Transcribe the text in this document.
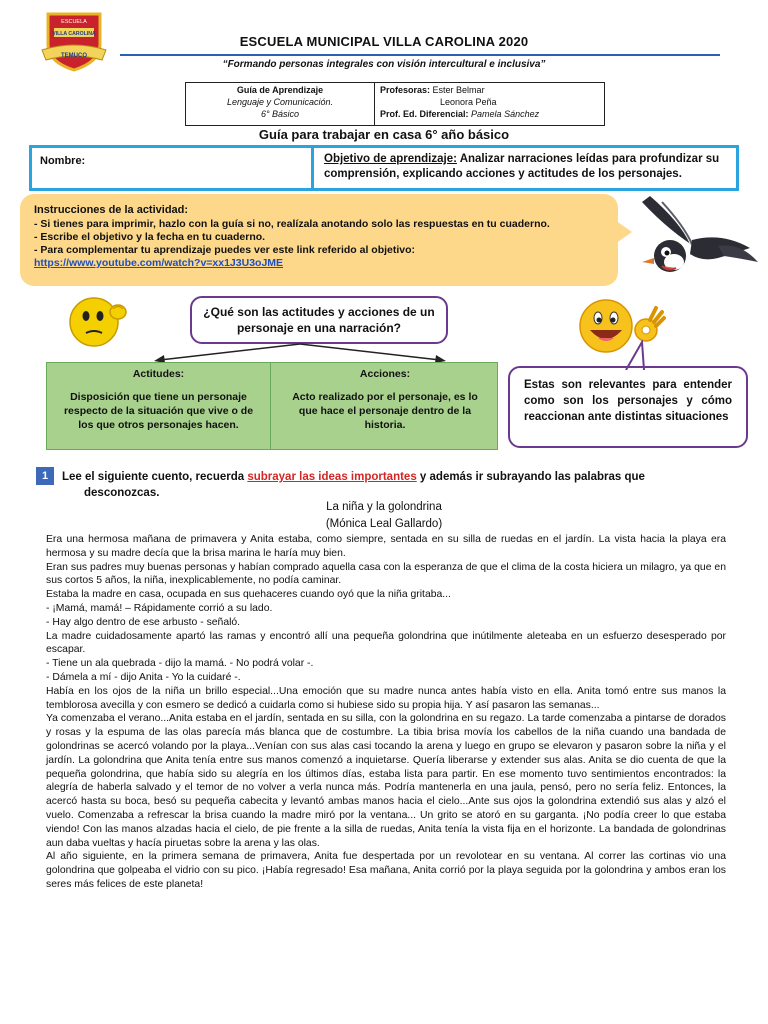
ESCUELA
VILLA CAROLINA
TEMUCO
ESCUELA MUNICIPAL VILLA CAROLINA 2020
“Formando personas integrales con visión intercultural e inclusiva”
Guía de Aprendizaje
Lenguaje y Comunicación.
6° Básico
Profesoras: Ester Belmar
Leonora Peña
Prof. Ed. Diferencial: Pamela Sánchez
Guía para trabajar en casa 6° año básico
Nombre:	Objetivo de aprendizaje: Analizar narraciones leídas para profundizar su comprensión, explicando acciones y actitudes de los personajes.
Instrucciones de la actividad:
- Si tienes para imprimir, hazlo con la guía si no, realízala anotando solo las respuestas en tu cuaderno.
- Escribe el objetivo y la fecha en tu cuaderno.
- Para complementar tu aprendizaje puedes ver este link referido al objetivo:
https://www.youtube.com/watch?v=xx1J3U3oJME
¿Qué son las actitudes y acciones de un personaje en una narración?
Actitudes:
Disposición que tiene un personaje respecto de la situación que vive o de los que otros personajes hacen.
Acciones:
Acto realizado por el personaje, es lo que hace el personaje dentro de la historia.
Estas son relevantes para entender como son los personajes y cómo reaccionan ante distintas situaciones
1	Lee el siguiente cuento, recuerda subrayar las ideas importantes y además ir subrayando las palabras que
desconozcas.
La niña y la golondrina
(Mónica Leal Gallardo)

Era una hermosa mañana de primavera y Anita estaba, como siempre, sentada en su silla de ruedas en el jardín. La vista hacia la playa era hermosa y su madre decía que la brisa marina le haría muy bien.

Eran sus padres muy buenas personas y habían comprado aquella casa con la esperanza de que el clima de la costa hiciera un milagro, ya que en sus cortos 5 años, la niña, inexplicablemente, no podía caminar.

Estaba la madre en casa, ocupada en sus quehaceres cuando oyó que la niña gritaba...

- ¡Mamá, mamá! – Rápidamente corrió a su lado.

- Hay algo dentro de ese arbusto - señaló.

La madre cuidadosamente apartó las ramas y encontró allí una pequeña golondrina que inútilmente aleteaba en un esfuerzo desesperado por escapar.

- Tiene un ala quebrada - dijo la mamá. - No podrá volar -.

- Dámela a mí - dijo Anita - Yo la cuidaré -.

Había en los ojos de la niña un brillo especial...Una emoción que su madre nunca antes había visto en ella. Anita tomó entre sus manos la temblorosa avecilla y con esmero se dedicó a cuidarla como si hubiese sido su propia hija. Y así pasaron las semanas...

Ya comenzaba el verano...Anita estaba en el jardín, sentada en su silla, con la golondrina en su regazo. La tarde comenzaba a pintarse de dorados y rosas y la espuma de las olas parecía más blanca que de costumbre. La tibia brisa movía los cabellos de la niña cuando una bandada de golondrinas se acercó volando por la playa...Venían con sus alas casi tocando la arena y luego en grupo se elevaron y pasaron sobre la niña y el jardín. La golondrina que Anita tenía entre sus manos comenzó a inquietarse. Quería liberarse y extender sus alas. Anita se dio cuenta de que la pequeña golondrina, que había sido su alegría en los últimos días, estaba lista para partir. En ese momento tuvo sentimientos encontrados: la alegría de haberla salvado y el temor de no volver a verla nunca más. Podría mantenerla en una jaula, pensó, pero no sería feliz. Entonces, la acercó hasta su boca, besó su pequeña cabecita y levantó ambas manos hacia el cielo...Ante sus ojos la golondrina extendió sus alas y alzó el vuelo. Comenzaba a refrescar la brisa cuando la madre miró por la ventana... Un grito se atoró en su garganta. ¡No podía creer lo que estaba viendo! Con las manos alzadas hacia el cielo, de pie frente a la silla de ruedas, Anita tenía la vista fija en el horizonte. La bandada de golondrinas aun daba vueltas y hacía piruetas sobre la arena y las olas.

Al año siguiente, en la primera semana de primavera, Anita fue despertada por un revolotear en su ventana. Al correr las cortinas vio una golondrina que golpeaba el vidrio con su pico. ¡Había regresado! Esa mañana, Anita corrió por la playa seguida por la golondrina y ambos eran los seres más felices de este planeta!
